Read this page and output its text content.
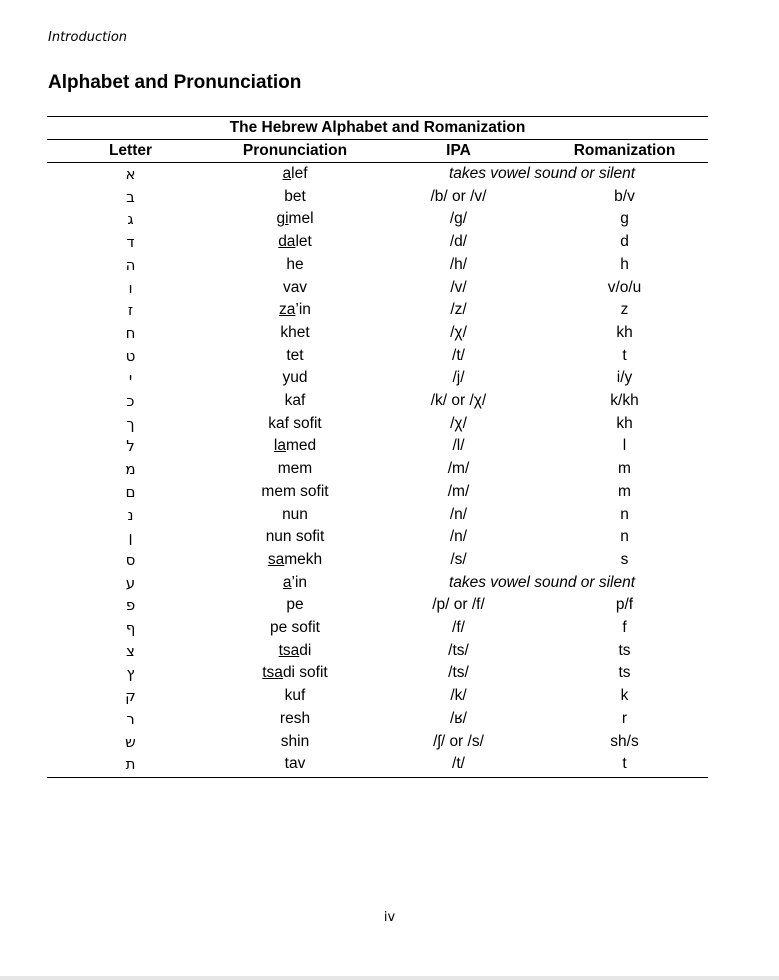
Introduction
Alphabet and Pronunciation
The Hebrew Alphabet and Romanization			
Letter	Pronunciation	IPA	Romanization
א	alef	takes vowel sound or silent	
ב	bet	/b/ or /v/	b/v
ג	gimel	/g/	g
ד	dalet	/d/	d
ה	he	/h/	h
ו	vav	/v/	v/o/u
ז	za’in	/z/	z
ח	khet	/χ/	kh
ט	tet	/t/	t
י	yud	/j/	i/y
כ	kaf	/k/ or /χ/	k/kh
ך	kaf sofit	/χ/	kh
ל	lamed	/l/	l
מ	mem	/m/	m
ם	mem sofit	/m/	m
נ	nun	/n/	n
ן	nun sofit	/n/	n
ס	samekh	/s/	s
ע	a’in	takes vowel sound or silent	
פ	pe	/p/ or /f/	p/f
ף	pe sofit	/f/	f
צ	tsadi	/ts/	ts
ץ	tsadi sofit	/ts/	ts
ק	kuf	/k/	k
ר	resh	/ʁ/	r
ש	shin	/ʃ/ or /s/	sh/s
ת	tav	/t/	t
iv
